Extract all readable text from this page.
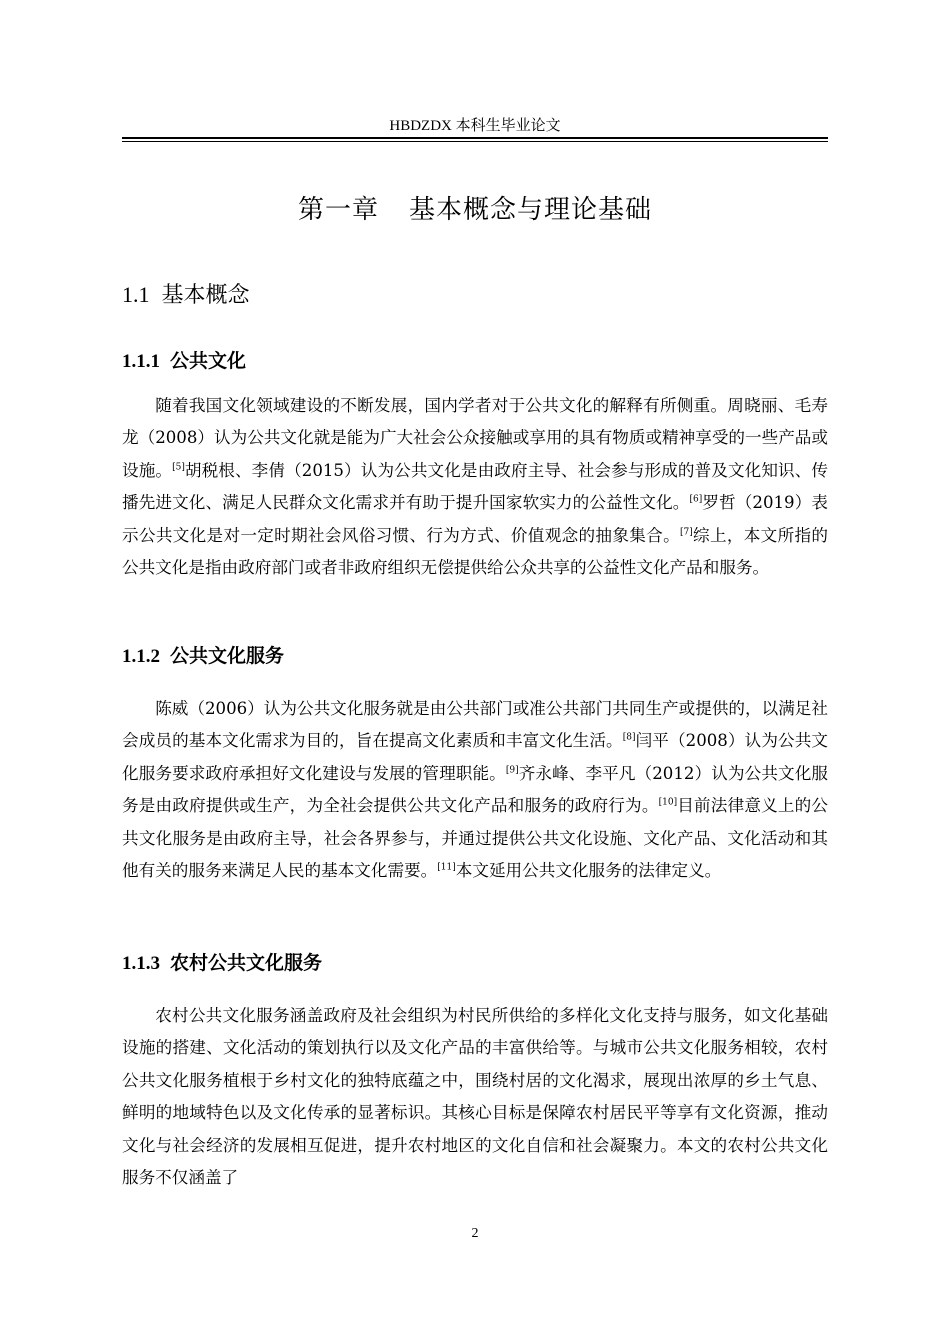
HBDZDX 本科生毕业论文
第一章 基本概念与理论基础
1.1 基本概念
1.1.1 公共文化

随着我国文化领域建设的不断发展，国内学者对于公共文化的解释有所侧重。周晓丽、毛寿龙（2008）认为公共文化就是能为广大社会公众接触或享用的具有物质或精神享受的一些产品或设施。[5]胡税根、李倩（2015）认为公共文化是由政府主导、社会参与形成的普及文化知识、传播先进文化、满足人民群众文化需求并有助于提升国家软实力的公益性文化。[6]罗哲（2019）表示公共文化是对一定时期社会风俗习惯、行为方式、价值观念的抽象集合。[7]综上，本文所指的公共文化是指由政府部门或者非政府组织无偿提供给公众共享的公益性文化产品和服务。

1.1.2 公共文化服务

陈威（2006）认为公共文化服务就是由公共部门或准公共部门共同生产或提供的，以满足社会成员的基本文化需求为目的，旨在提高文化素质和丰富文化生活。[8]闫平（2008）认为公共文化服务要求政府承担好文化建设与发展的管理职能。[9]齐永峰、李平凡（2012）认为公共文化服务是由政府提供或生产，为全社会提供公共文化产品和服务的政府行为。[10]目前法律意义上的公共文化服务是由政府主导，社会各界参与，并通过提供公共文化设施、文化产品、文化活动和其他有关的服务来满足人民的基本文化需要。[11]本文延用公共文化服务的法律定义。

1.1.3 农村公共文化服务

农村公共文化服务涵盖政府及社会组织为村民所供给的多样化文化支持与服务，如文化基础设施的搭建、文化活动的策划执行以及文化产品的丰富供给等。与城市公共文化服务相较，农村公共文化服务植根于乡村文化的独特底蕴之中，围绕村居的文化渴求，展现出浓厚的乡土气息、鲜明的地域特色以及文化传承的显著标识。其核心目标是保障农村居民平等享有文化资源，推动文化与社会经济的发展相互促进，提升农村地区的文化自信和社会凝聚力。本文的农村公共文化服务不仅涵盖了

2
